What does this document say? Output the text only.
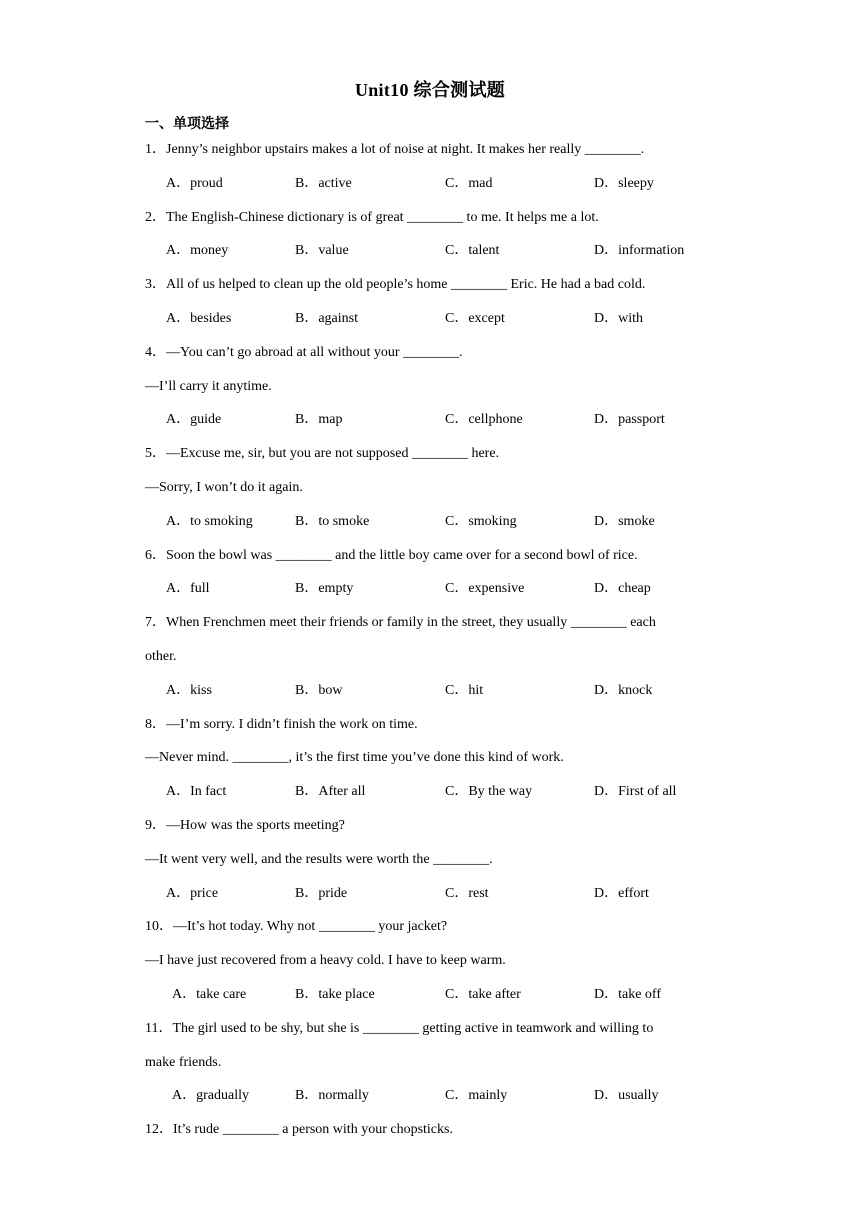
Unit10 综合测试题
一、单项选择
1．Jenny’s neighbor upstairs makes a lot of noise at night. It makes her really ________.
A．proud	B．active	C．mad	D．sleepy
2．The English-Chinese dictionary is of great ________ to me. It helps me a lot.
A．money	B．value	C．talent	D．information
3．All of us helped to clean up the old people’s home ________ Eric. He had a bad cold.
A．besides	B．against	C．except	D．with
4．—You can’t go abroad at all without your ________.
—I’ll carry it anytime.
A．guide	B．map	C．cellphone	D．passport
5．—Excuse me, sir, but you are not supposed ________ here.
—Sorry, I won’t do it again.
A．to smoking	B．to smoke	C．smoking	D．smoke
6．Soon the bowl was ________ and the little boy came over for a second bowl of rice.
A．full	B．empty	C．expensive	D．cheap
7．When Frenchmen meet their friends or family in the street, they usually ________ each
other.
A．kiss	B．bow	C．hit	D．knock
8．—I’m sorry. I didn’t finish the work on time.
—Never mind. ________, it’s the first time you’ve done this kind of work.
A．In fact	B．After all	C．By the way	D．First of all
9．—How was the sports meeting?
—It went very well, and the results were worth the ________.
A．price	B．pride	C．rest	D．effort
10．—It’s hot today. Why not ________ your jacket?
—I have just recovered from a heavy cold. I have to keep warm.
A．take care	B．take place	C．take after	D．take off
11．The girl used to be shy, but she is ________ getting active in teamwork and willing to
make friends.
A．gradually	B．normally	C．mainly	D．usually
12．It’s rude ________ a person with your chopsticks.
